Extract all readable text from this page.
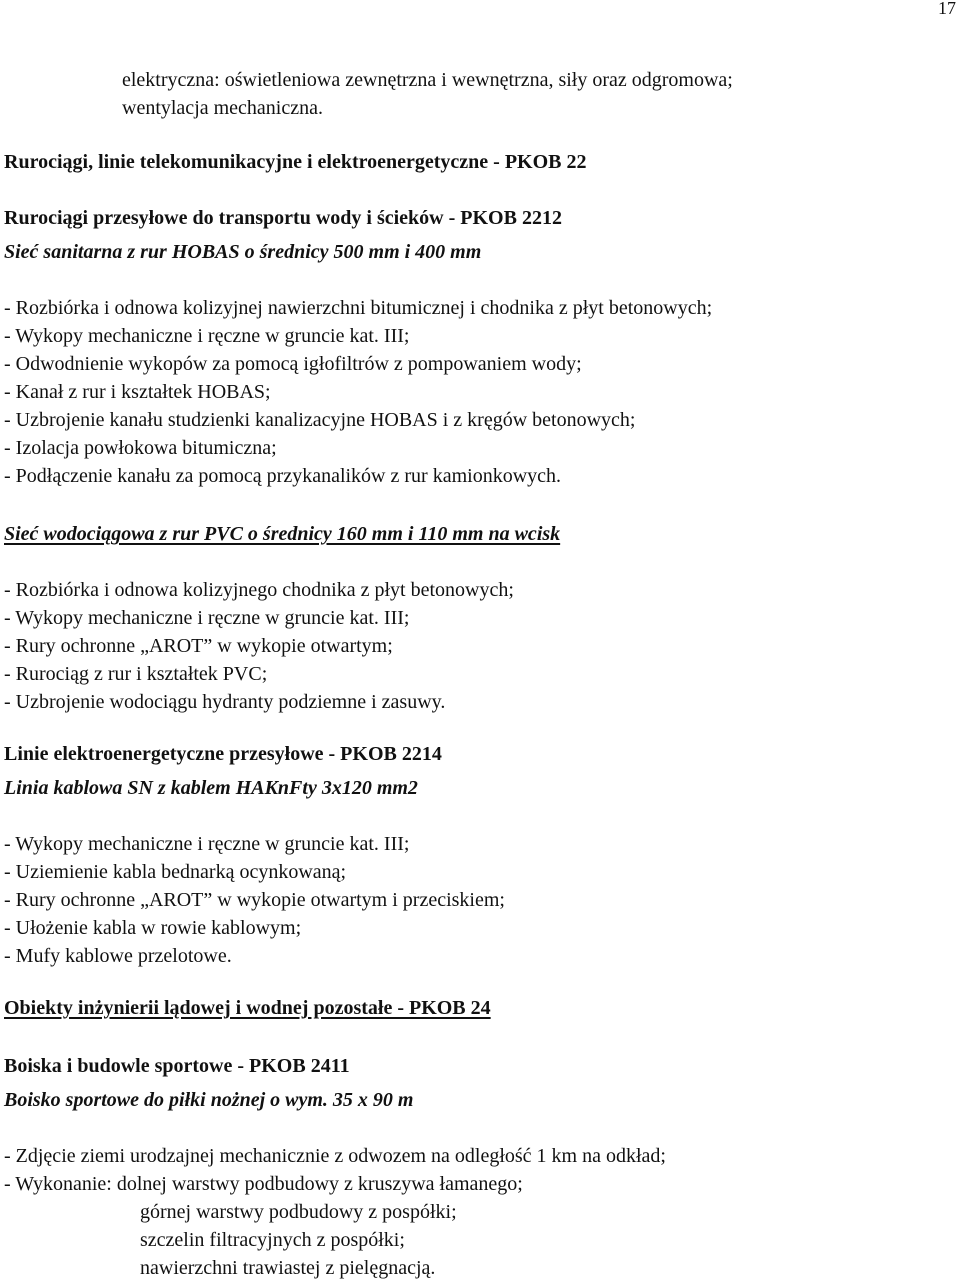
17
elektryczna: oświetleniowa zewnętrzna i wewnętrzna, siły oraz odgromowa;
wentylacja mechaniczna.
Rurociągi, linie telekomunikacyjne i elektroenergetyczne - PKOB 22
Rurociągi przesyłowe do transportu wody i ścieków - PKOB 2212
Sieć sanitarna z rur HOBAS o średnicy 500 mm i 400 mm
- Rozbiórka i odnowa kolizyjnej nawierzchni bitumicznej i chodnika z płyt betonowych;
- Wykopy mechaniczne i ręczne w gruncie kat. III;
- Odwodnienie wykopów za pomocą igłofiltrów z pompowaniem wody;
- Kanał z rur i kształtek HOBAS;
- Uzbrojenie kanału studzienki kanalizacyjne HOBAS i z kręgów betonowych;
- Izolacja powłokowa bitumiczna;
- Podłączenie kanału za pomocą przykanalików z rur kamionkowych.
Sieć wodociągowa z rur PVC o średnicy 160 mm i 110 mm na wcisk
- Rozbiórka i odnowa kolizyjnego chodnika z płyt betonowych;
- Wykopy mechaniczne i ręczne w gruncie kat. III;
- Rury ochronne „AROT” w wykopie otwartym;
- Rurociąg z rur i kształtek PVC;
- Uzbrojenie wodociągu hydranty podziemne i zasuwy.
Linie elektroenergetyczne przesyłowe - PKOB 2214
Linia kablowa SN z kablem HAKnFty 3x120 mm2
- Wykopy mechaniczne i ręczne w gruncie kat. III;
- Uziemienie kabla bednarką ocynkowaną;
- Rury ochronne „AROT” w wykopie otwartym i przeciskiem;
- Ułożenie kabla w rowie kablowym;
- Mufy kablowe przelotowe.
Obiekty inżynierii lądowej i wodnej pozostałe - PKOB 24
Boiska i budowle sportowe - PKOB 2411
Boisko sportowe do piłki nożnej o wym. 35 x 90 m
- Zdjęcie ziemi urodzajnej mechanicznie z odwozem na odległość 1 km na odkład;
- Wykonanie: dolnej warstwy podbudowy z kruszywa łamanego;
górnej warstwy podbudowy z pospółki;
szczelin filtracyjnych z pospółki;
nawierzchni trawiastej z pielęgnacją.
